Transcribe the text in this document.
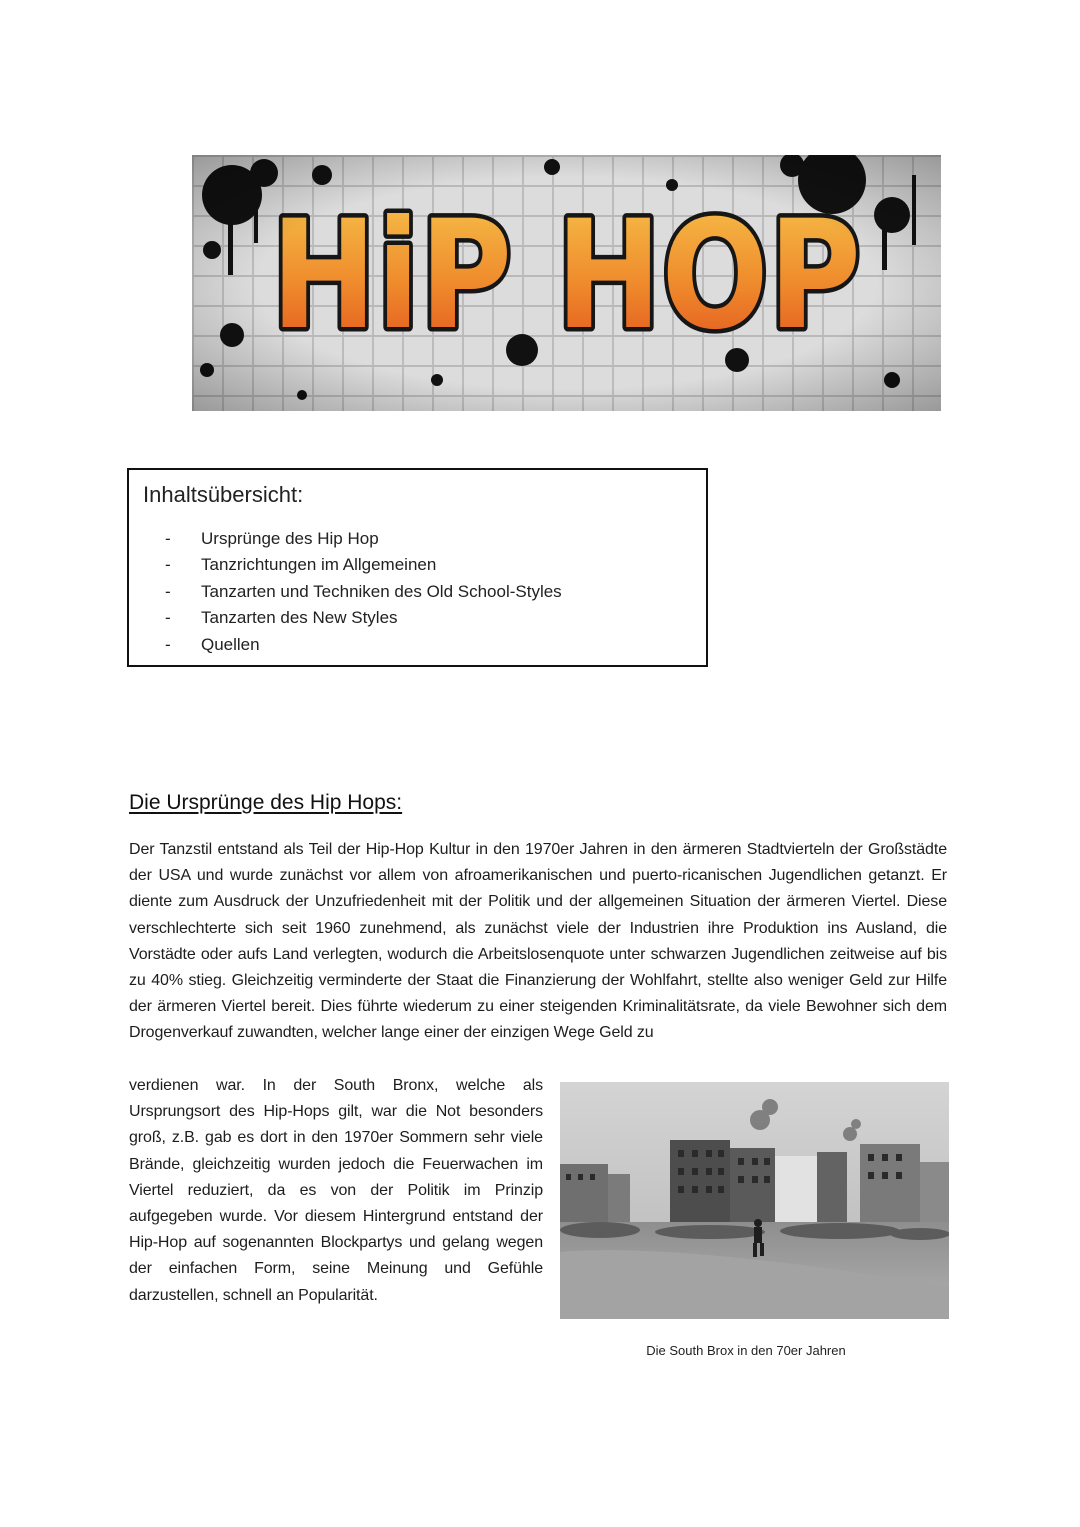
Inhaltsübersicht:
- Ursprünge des Hip Hop
- Tanzrichtungen im Allgemeinen
- Tanzarten und Techniken des Old School-Styles
- Tanzarten des New Styles
- Quellen
Die Ursprünge des Hip Hops:

Der Tanzstil entstand als Teil der Hip-Hop Kultur in den 1970er Jahren in den ärmeren Stadtvierteln der Großstädte der USA und wurde zunächst vor allem von afroamerikanischen und puerto-ricanischen Jugendlichen getanzt. Er diente zum Ausdruck der Unzufriedenheit mit der Politik und der allgemeinen Situation der ärmeren Viertel. Diese verschlechterte sich seit 1960 zunehmend, als zunächst viele der Industrien ihre Produktion ins Ausland, die Vorstädte oder aufs Land verlegten, wodurch die Arbeitslosenquote unter schwarzen Jugendlichen zeitweise auf bis zu 40% stieg. Gleichzeitig verminderte der Staat die Finanzierung der Wohlfahrt, stellte also weniger Geld zur Hilfe der ärmeren Viertel bereit. Dies führte wiederum zu einer steigenden Kriminalitätsrate, da viele Bewohner sich dem Drogenverkauf zuwandten, welcher lange einer der einzigen Wege Geld zu

verdienen war. In der South Bronx, welche als Ursprungsort des Hip-Hops gilt, war die Not besonders groß, z.B. gab es dort in den 1970er Sommern sehr viele Brände, gleichzeitig wurden jedoch die Feuerwachen im Viertel reduziert, da es von der Politik im Prinzip aufgegeben wurde. Vor diesem Hintergrund entstand der Hip-Hop auf sogenannten Blockpartys und gelang wegen der einfachen Form, seine Meinung und Gefühle darzustellen, schnell an Popularität.

Die South Brox in den 70er Jahren
